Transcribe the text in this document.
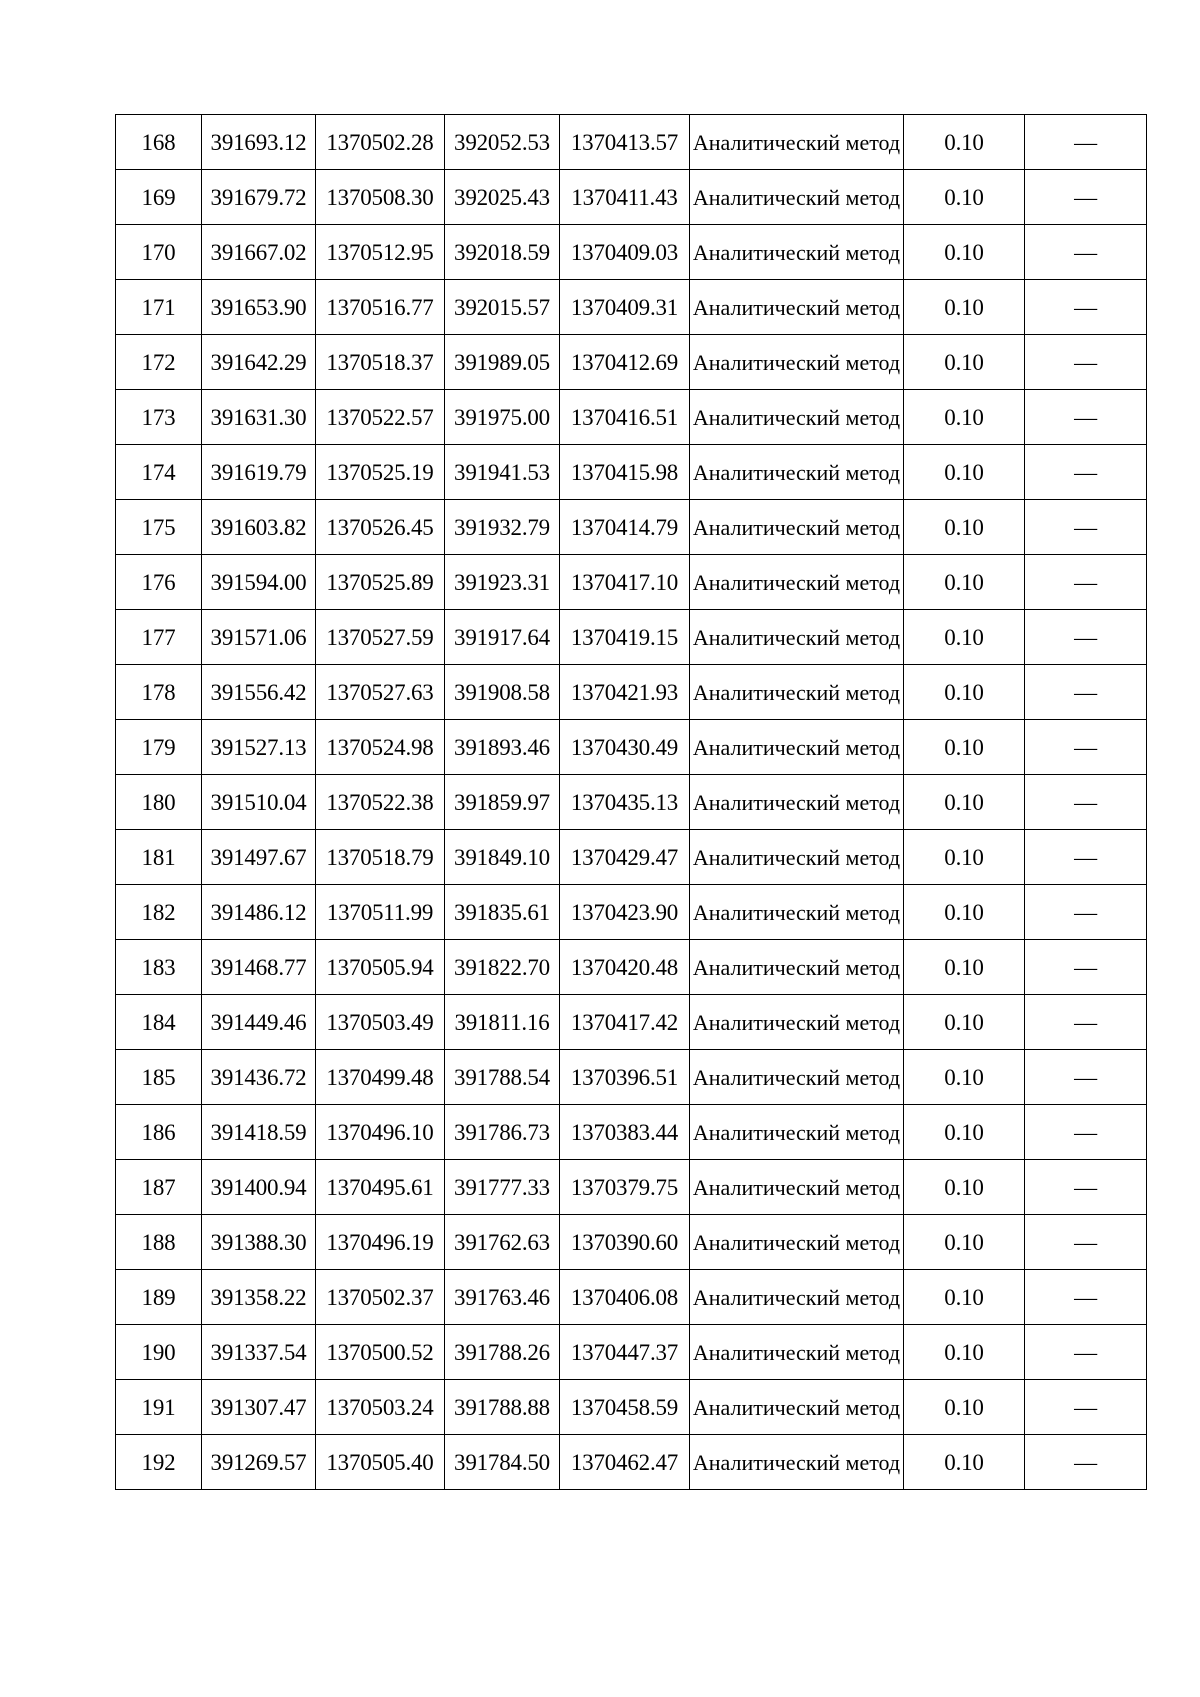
168	391693.12	1370502.28	392052.53	1370413.57	Аналитический метод	0.10	—
169	391679.72	1370508.30	392025.43	1370411.43	Аналитический метод	0.10	—
170	391667.02	1370512.95	392018.59	1370409.03	Аналитический метод	0.10	—
171	391653.90	1370516.77	392015.57	1370409.31	Аналитический метод	0.10	—
172	391642.29	1370518.37	391989.05	1370412.69	Аналитический метод	0.10	—
173	391631.30	1370522.57	391975.00	1370416.51	Аналитический метод	0.10	—
174	391619.79	1370525.19	391941.53	1370415.98	Аналитический метод	0.10	—
175	391603.82	1370526.45	391932.79	1370414.79	Аналитический метод	0.10	—
176	391594.00	1370525.89	391923.31	1370417.10	Аналитический метод	0.10	—
177	391571.06	1370527.59	391917.64	1370419.15	Аналитический метод	0.10	—
178	391556.42	1370527.63	391908.58	1370421.93	Аналитический метод	0.10	—
179	391527.13	1370524.98	391893.46	1370430.49	Аналитический метод	0.10	—
180	391510.04	1370522.38	391859.97	1370435.13	Аналитический метод	0.10	—
181	391497.67	1370518.79	391849.10	1370429.47	Аналитический метод	0.10	—
182	391486.12	1370511.99	391835.61	1370423.90	Аналитический метод	0.10	—
183	391468.77	1370505.94	391822.70	1370420.48	Аналитический метод	0.10	—
184	391449.46	1370503.49	391811.16	1370417.42	Аналитический метод	0.10	—
185	391436.72	1370499.48	391788.54	1370396.51	Аналитический метод	0.10	—
186	391418.59	1370496.10	391786.73	1370383.44	Аналитический метод	0.10	—
187	391400.94	1370495.61	391777.33	1370379.75	Аналитический метод	0.10	—
188	391388.30	1370496.19	391762.63	1370390.60	Аналитический метод	0.10	—
189	391358.22	1370502.37	391763.46	1370406.08	Аналитический метод	0.10	—
190	391337.54	1370500.52	391788.26	1370447.37	Аналитический метод	0.10	—
191	391307.47	1370503.24	391788.88	1370458.59	Аналитический метод	0.10	—
192	391269.57	1370505.40	391784.50	1370462.47	Аналитический метод	0.10	—
